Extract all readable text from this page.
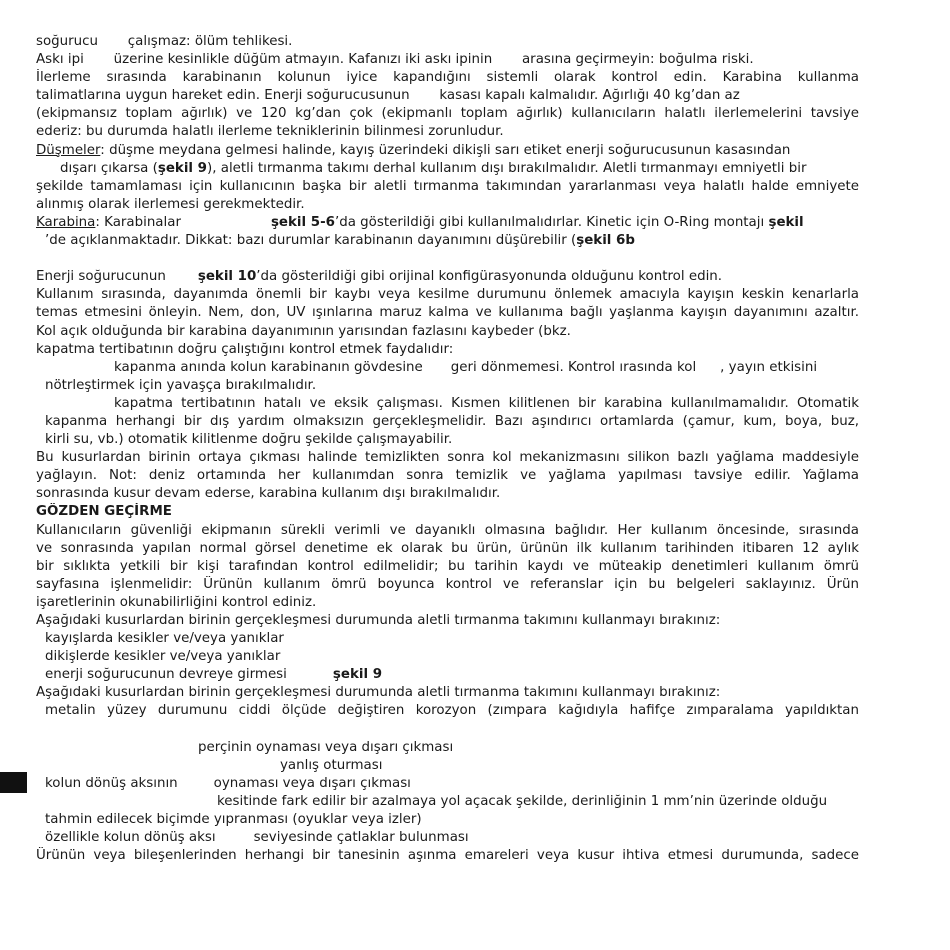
soğurucu       çalışmaz: ölüm tehlikesi.
Askı ipi       üzerine kesinlikle düğüm atmayın. Kafanızı iki askı ipinin       arasına geçirmeyin: boğulma riski.
İlerleme sırasında karabinanın kolunun iyice kapandığını sistemli olarak kontrol edin. Karabina kullanma
talimatlarına uygun hareket edin. Enerji soğurucusunun       kasası kapalı kalmalıdır. Ağırlığı 40 kg’dan az
(ekipmansız toplam ağırlık) ve 120 kg’dan çok (ekipmanlı toplam ağırlık) kullanıcıların halatlı ilerlemelerini tavsiye
ederiz: bu durumda halatlı ilerleme tekniklerinin bilinmesi zorunludur.
Düşmeler: düşme meydana gelmesi halinde, kayış üzerindeki dikişli sarı etiket enerji soğurucusunun kasasından
dışarı çıkarsa (şekil 9), aletli tırmanma takımı derhal kullanım dışı bırakılmalıdır. Aletli tırmanmayı emniyetli bir
şekilde tamamlaması için kullanıcının başka bir aletli tırmanma takımından yararlanması veya halatlı halde emniyete
alınmış olarak ilerlemesi gerekmektedir.
Karabina: Karabinalar	şekil 5-6’da gösterildiği gibi kullanılmalıdırlar. Kinetic için O-Ring montajı şekil
’de açıklanmaktadır. Dikkat: bazı durumlar karabinanın dayanımını düşürebilir (şekil 6b
Enerji soğurucunun şekil 10’da gösterildiği gibi orijinal konfigürasyonunda olduğunu kontrol edin.
Kullanım sırasında, dayanımda önemli bir kaybı veya kesilme durumunu önlemek amacıyla kayışın keskin kenarlarla
temas etmesini önleyin. Nem, don, UV ışınlarına maruz kalma ve kullanıma bağlı yaşlanma kayışın dayanımını azaltır.
Kol açık olduğunda bir karabina dayanımının yarısından fazlasını kaybeder (bkz.
kapatma tertibatının doğru çalıştığını kontrol etmek faydalıdır:
kapanma anında kolun karabinanın gövdesine geri dönmemesi. Kontrol ırasında kol , yayın etkisini
nötrleştirmek için yavaşça bırakılmalıdır.
kapatma tertibatının hatalı ve eksik çalışması. Kısmen kilitlenen bir karabina kullanılmamalıdır. Otomatik
kapanma herhangi bir dış yardım olmaksızın gerçekleşmelidir. Bazı aşındırıcı ortamlarda (çamur, kum, boya, buz,
kirli su, vb.) otomatik kilitlenme doğru şekilde çalışmayabilir.
Bu kusurlardan birinin ortaya çıkması halinde temizlikten sonra kol mekanizmasını silikon bazlı yağlama maddesiyle
yağlayın. Not: deniz ortamında her kullanımdan sonra temizlik ve yağlama yapılması tavsiye edilir. Yağlama
sonrasında kusur devam ederse, karabina kullanım dışı bırakılmalıdır.
GÖZDEN GEÇİRME
Kullanıcıların güvenliği ekipmanın sürekli verimli ve dayanıklı olmasına bağlıdır. Her kullanım öncesinde, sırasında
ve sonrasında yapılan normal görsel denetime ek olarak bu ürün, ürünün ilk kullanım tarihinden itibaren 12 aylık
bir sıklıkta yetkili bir kişi tarafından kontrol edilmelidir; bu tarihin kaydı ve müteakip denetimleri kullanım ömrü
sayfasına işlenmelidir: Ürünün kullanım ömrü boyunca kontrol ve referanslar için bu belgeleri saklayınız. Ürün
işaretlerinin okunabilirliğini kontrol ediniz.
Aşağıdaki kusurlardan birinin gerçekleşmesi durumunda aletli tırmanma takımını kullanmayı bırakınız:
kayışlarda kesikler ve/veya yanıklar
dikişlerde kesikler ve/veya yanıklar
enerji soğurucunun devreye girmesi	şekil 9
Aşağıdaki kusurlardan birinin gerçekleşmesi durumunda aletli tırmanma takımını kullanmayı bırakınız:
metalin yüzey durumunu ciddi ölçüde değiştiren korozyon (zımpara kağıdıyla hafifçe zımparalama yapıldıktan
perçinin oynaması veya dışarı çıkması
yanlış oturması
kolun dönüş aksının	oynaması veya dışarı çıkması
kesitinde fark edilir bir azalmaya yol açacak şekilde, derinliğinin 1 mm’nin üzerinde olduğu
tahmin edilecek biçimde yıpranması (oyuklar veya izler)
özellikle kolun dönüş aksı	seviyesinde çatlaklar bulunması
Ürünün veya bileşenlerinden herhangi bir tanesinin aşınma emareleri veya kusur ihtiva etmesi durumunda, sadece
